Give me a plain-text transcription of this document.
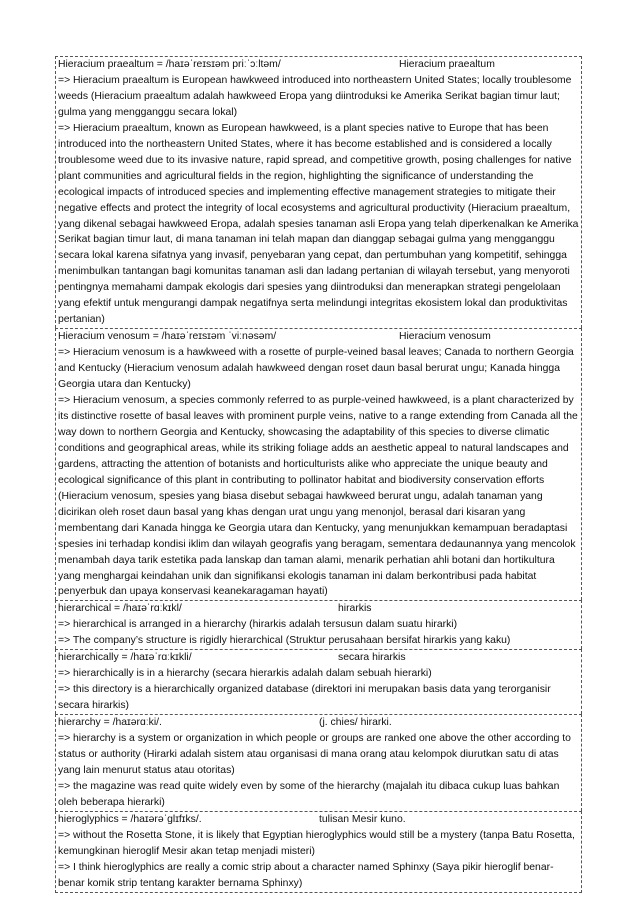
Hieracium praealtum = /haɪəˈreɪsɪəm priːˈɔːltəm/	Hieracium praealtum

=> Hieracium praealtum is European hawkweed introduced into northeastern United States; locally troublesome weeds (Hieracium praealtum adalah hawkweed Eropa yang diintroduksi ke Amerika Serikat bagian timur laut; gulma yang mengganggu secara lokal)

=> Hieracium praealtum, known as European hawkweed, is a plant species native to Europe that has been introduced into the northeastern United States, where it has become established and is considered a locally troublesome weed due to its invasive nature, rapid spread, and competitive growth, posing challenges for native plant communities and agricultural fields in the region, highlighting the significance of understanding the ecological impacts of introduced species and implementing effective management strategies to mitigate their negative effects and protect the integrity of local ecosystems and agricultural productivity (Hieracium praealtum, yang dikenal sebagai hawkweed Eropa, adalah spesies tanaman asli Eropa yang telah diperkenalkan ke Amerika Serikat bagian timur laut, di mana tanaman ini telah mapan dan dianggap sebagai gulma yang mengganggu secara lokal karena sifatnya yang invasif, penyebaran yang cepat, dan pertumbuhan yang kompetitif, sehingga menimbulkan tantangan bagi komunitas tanaman asli dan ladang pertanian di wilayah tersebut, yang menyoroti pentingnya memahami dampak ekologis dari spesies yang diintroduksi dan menerapkan strategi pengelolaan yang efektif untuk mengurangi dampak negatifnya serta melindungi integritas ekosistem lokal dan produktivitas pertanian)

Hieracium venosum = /haɪəˈreɪsɪəm ˈviːnəsəm/	Hieracium venosum

=> Hieracium venosum is a hawkweed with a rosette of purple-veined basal leaves; Canada to northern Georgia and Kentucky (Hieracium venosum adalah hawkweed dengan roset daun basal berurat ungu; Kanada hingga Georgia utara dan Kentucky)

=> Hieracium venosum, a species commonly referred to as purple-veined hawkweed, is a plant characterized by its distinctive rosette of basal leaves with prominent purple veins, native to a range extending from Canada all the way down to northern Georgia and Kentucky, showcasing the adaptability of this species to diverse climatic conditions and geographical areas, while its striking foliage adds an aesthetic appeal to natural landscapes and gardens, attracting the attention of botanists and horticulturists alike who appreciate the unique beauty and ecological significance of this plant in contributing to pollinator habitat and biodiversity conservation efforts (Hieracium venosum, spesies yang biasa disebut sebagai hawkweed berurat ungu, adalah tanaman yang dicirikan oleh roset daun basal yang khas dengan urat ungu yang menonjol, berasal dari kisaran yang membentang dari Kanada hingga ke Georgia utara dan Kentucky, yang menunjukkan kemampuan beradaptasi spesies ini terhadap kondisi iklim dan wilayah geografis yang beragam, sementara dedaunannya yang mencolok menambah daya tarik estetika pada lanskap dan taman alami, menarik perhatian ahli botani dan hortikultura yang menghargai keindahan unik dan signifikansi ekologis tanaman ini dalam berkontribusi pada habitat penyerbuk dan upaya konservasi keanekaragaman hayati)

hierarchical = /haɪəˈrɑːkɪkl/	hirarkis

=> hierarchical is arranged in a hierarchy (hirarkis adalah tersusun dalam suatu hirarki)

=> The company’s structure is rigidly hierarchical (Struktur perusahaan bersifat hirarkis yang kaku)

hierarchically = /haɪəˈrɑːkɪkli/	secara hirarkis

=> hierarchically is in a hierarchy (secara hierarkis adalah dalam sebuah hierarki)

=> this directory is a hierarchically organized database (direktori ini merupakan basis data yang terorganisir secara hirarkis)

hierarchy = /haɪərɑːki/.	(j. chies/ hirarki.

=> hierarchy is a system or organization in which people or groups are ranked one above the other according to status or authority (Hirarki adalah sistem atau organisasi di mana orang atau kelompok diurutkan satu di atas yang lain menurut status atau otoritas)

=> the magazine was read quite widely even by some of the hierarchy (majalah itu dibaca cukup luas bahkan oleh beberapa hierarki)

hieroglyphics = /haɪərəˈglɪfɪks/.	tulisan Mesir kuno.

=> without the Rosetta Stone, it is likely that Egyptian hieroglyphics would still be a mystery (tanpa Batu Rosetta, kemungkinan hieroglif Mesir akan tetap menjadi misteri)

=> I think hieroglyphics are really a comic strip about a character named Sphinxy (Saya pikir hieroglif benar-benar komik strip tentang karakter bernama Sphinxy)
